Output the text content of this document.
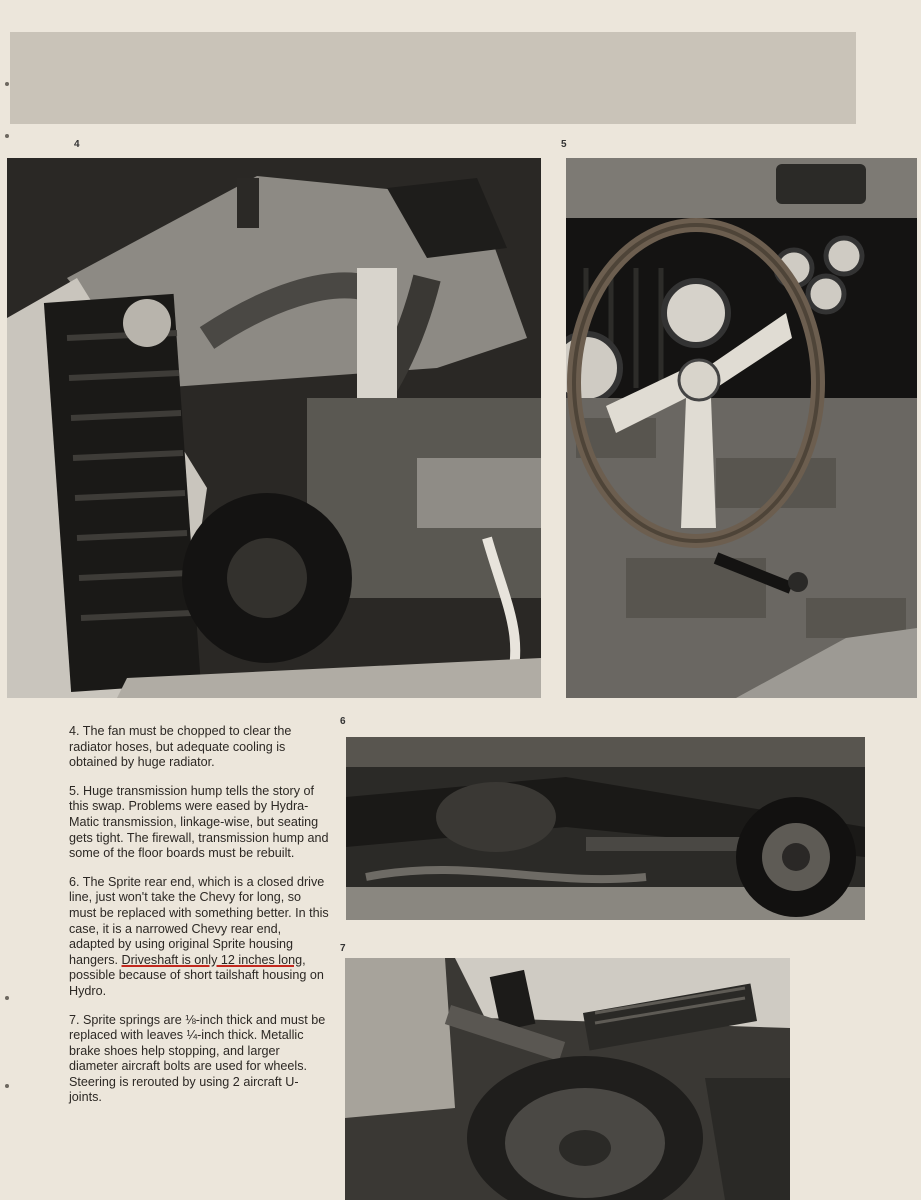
4	5
6
7

4. The fan must be chopped to clear the radiator hoses, but adequate cooling is obtained by huge radiator.

5. Huge transmission hump tells the story of this swap. Problems were eased by Hydra-Matic transmission, linkage-wise, but seating gets tight. The firewall, transmission hump and some of the floor boards must be rebuilt.

6. The Sprite rear end, which is a closed drive line, just won't take the Chevy for long, so must be replaced with something better. In this case, it is a narrowed Chevy rear end, adapted by using original Sprite housing hangers. Driveshaft is only 12 inches long, possible because of short tailshaft housing on Hydro.

7. Sprite springs are ⅛-inch thick and must be replaced with leaves ¼-inch thick. Metallic brake shoes help stopping, and larger diameter aircraft bolts are used for wheels. Steering is rerouted by using 2 aircraft U-joints.
